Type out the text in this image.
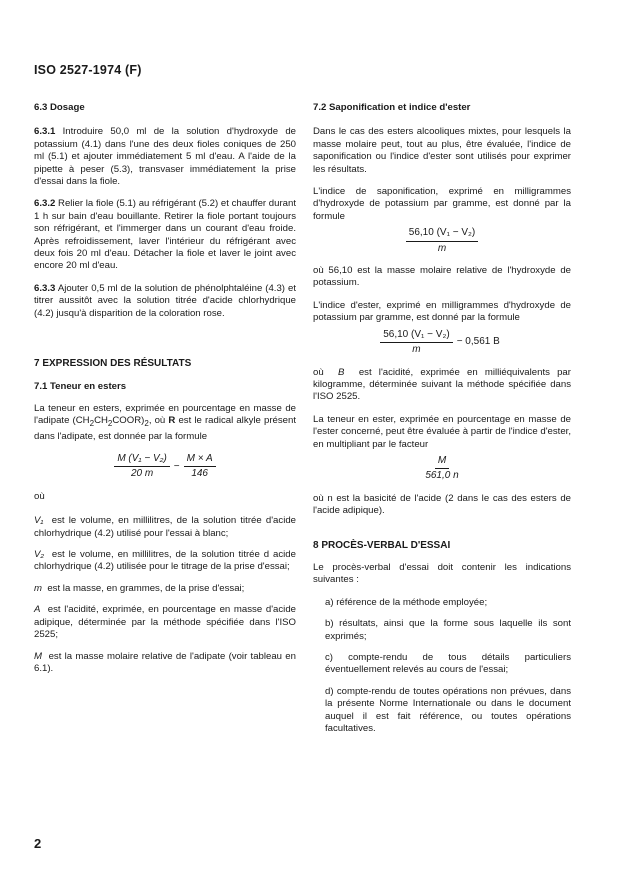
ISO 2527-1974 (F)
6.3 Dosage

6.3.1 Introduire 50,0 ml de la solution d'hydroxyde de potassium (4.1) dans l'une des deux fioles coniques de 250 ml (5.1) et ajouter immédiatement 5 ml d'eau. A l'aide de la pipette à peser (5.3), transvaser immédiatement la prise d'essai dans la fiole.

6.3.2 Relier la fiole (5.1) au réfrigérant (5.2) et chauffer durant 1 h sur bain d'eau bouillante. Retirer la fiole portant toujours son réfrigérant, et l'immerger dans un courant d'eau froide. Après refroidissement, laver l'intérieur du réfrigérant avec deux fois 20 ml d'eau. Détacher la fiole et laver le joint avec encore 20 ml d'eau.

6.3.3 Ajouter 0,5 ml de la solution de phénolphtaléine (4.3) et titrer aussitôt avec la solution titrée d'acide chlorhydrique (4.2) jusqu'à disparition de la coloration rose.

7 EXPRESSION DES RÉSULTATS
7.1 Teneur en esters

La teneur en esters, exprimée en pourcentage en masse de l'adipate $(CH_2CH_2COOR)_2$, où R est le radical alkyle présent dans l'adipate, est donnée par la formule

$\frac{\text{M (V₁ − V₂)}}{20 m} - \frac{M \times A}{146}$

où

V₁ est le volume, en millilitres, de la solution titrée d'acide chlorhydrique (4.2) utilisé pour l'essai à blanc;

V₂ est le volume, en millilitres, de la solution titrée d acide chlorhydrique (4.2) utilisée pour le titrage de la prise d'essai;

m est la masse, en grammes, de la prise d'essai;

A est l'acidité, exprimée, en pourcentage en masse d'acide adipique, déterminée par la méthode spécifiée dans l'ISO 2525;

M est la masse molaire relative de l'adipate (voir tableau en 6.1).

7.2 Saponification et indice d'ester

Dans le cas des esters alcooliques mixtes, pour lesquels la masse molaire peut, tout au plus, être évaluée, l'indice de saponification ou l'indice d'ester sont utilisés pour exprimer les résultats.

L'indice de saponification, exprimé en milligrammes d'hydroxyde de potassium par gramme, est donné par la formule

$\frac{\text{56,10 (V₁ − V₂)}}{m}$

où 56,10 est la masse molaire relative de l'hydroxyde de potassium.

L'indice d'ester, exprimé en milligrammes d'hydroxyde de potassium par gramme, est donné par la formule

$\frac{\text{56,10 (V₁ − V₂)}}{m} - 0,561$ B

où B est l'acidité, exprimée en milliéquivalents par kilogramme, déterminée suivant la méthode spécifiée dans l'ISO 2525.

La teneur en ester, exprimée en pourcentage en masse de l'ester concerné, peut être évaluée à partir de l'indice d'ester, en multipliant par le facteur

$\frac{M}{561,0 n}$

où n est la basicité de l'acide (2 dans le cas des esters de l'acide adipique).

8 PROCÈS-VERBAL D'ESSAI

Le procès-verbal d'essai doit contenir les indications suivantes :

a) référence de la méthode employée;

b) résultats, ainsi que la forme sous laquelle ils sont exprimés;

c) compte-rendu de tous détails particuliers éventuellement relevés au cours de l'essai;

d) compte-rendu de toutes opérations non prévues, dans la présente Norme Internationale ou dans le document auquel il est fait référence, ou toutes opérations facultatives.

2
